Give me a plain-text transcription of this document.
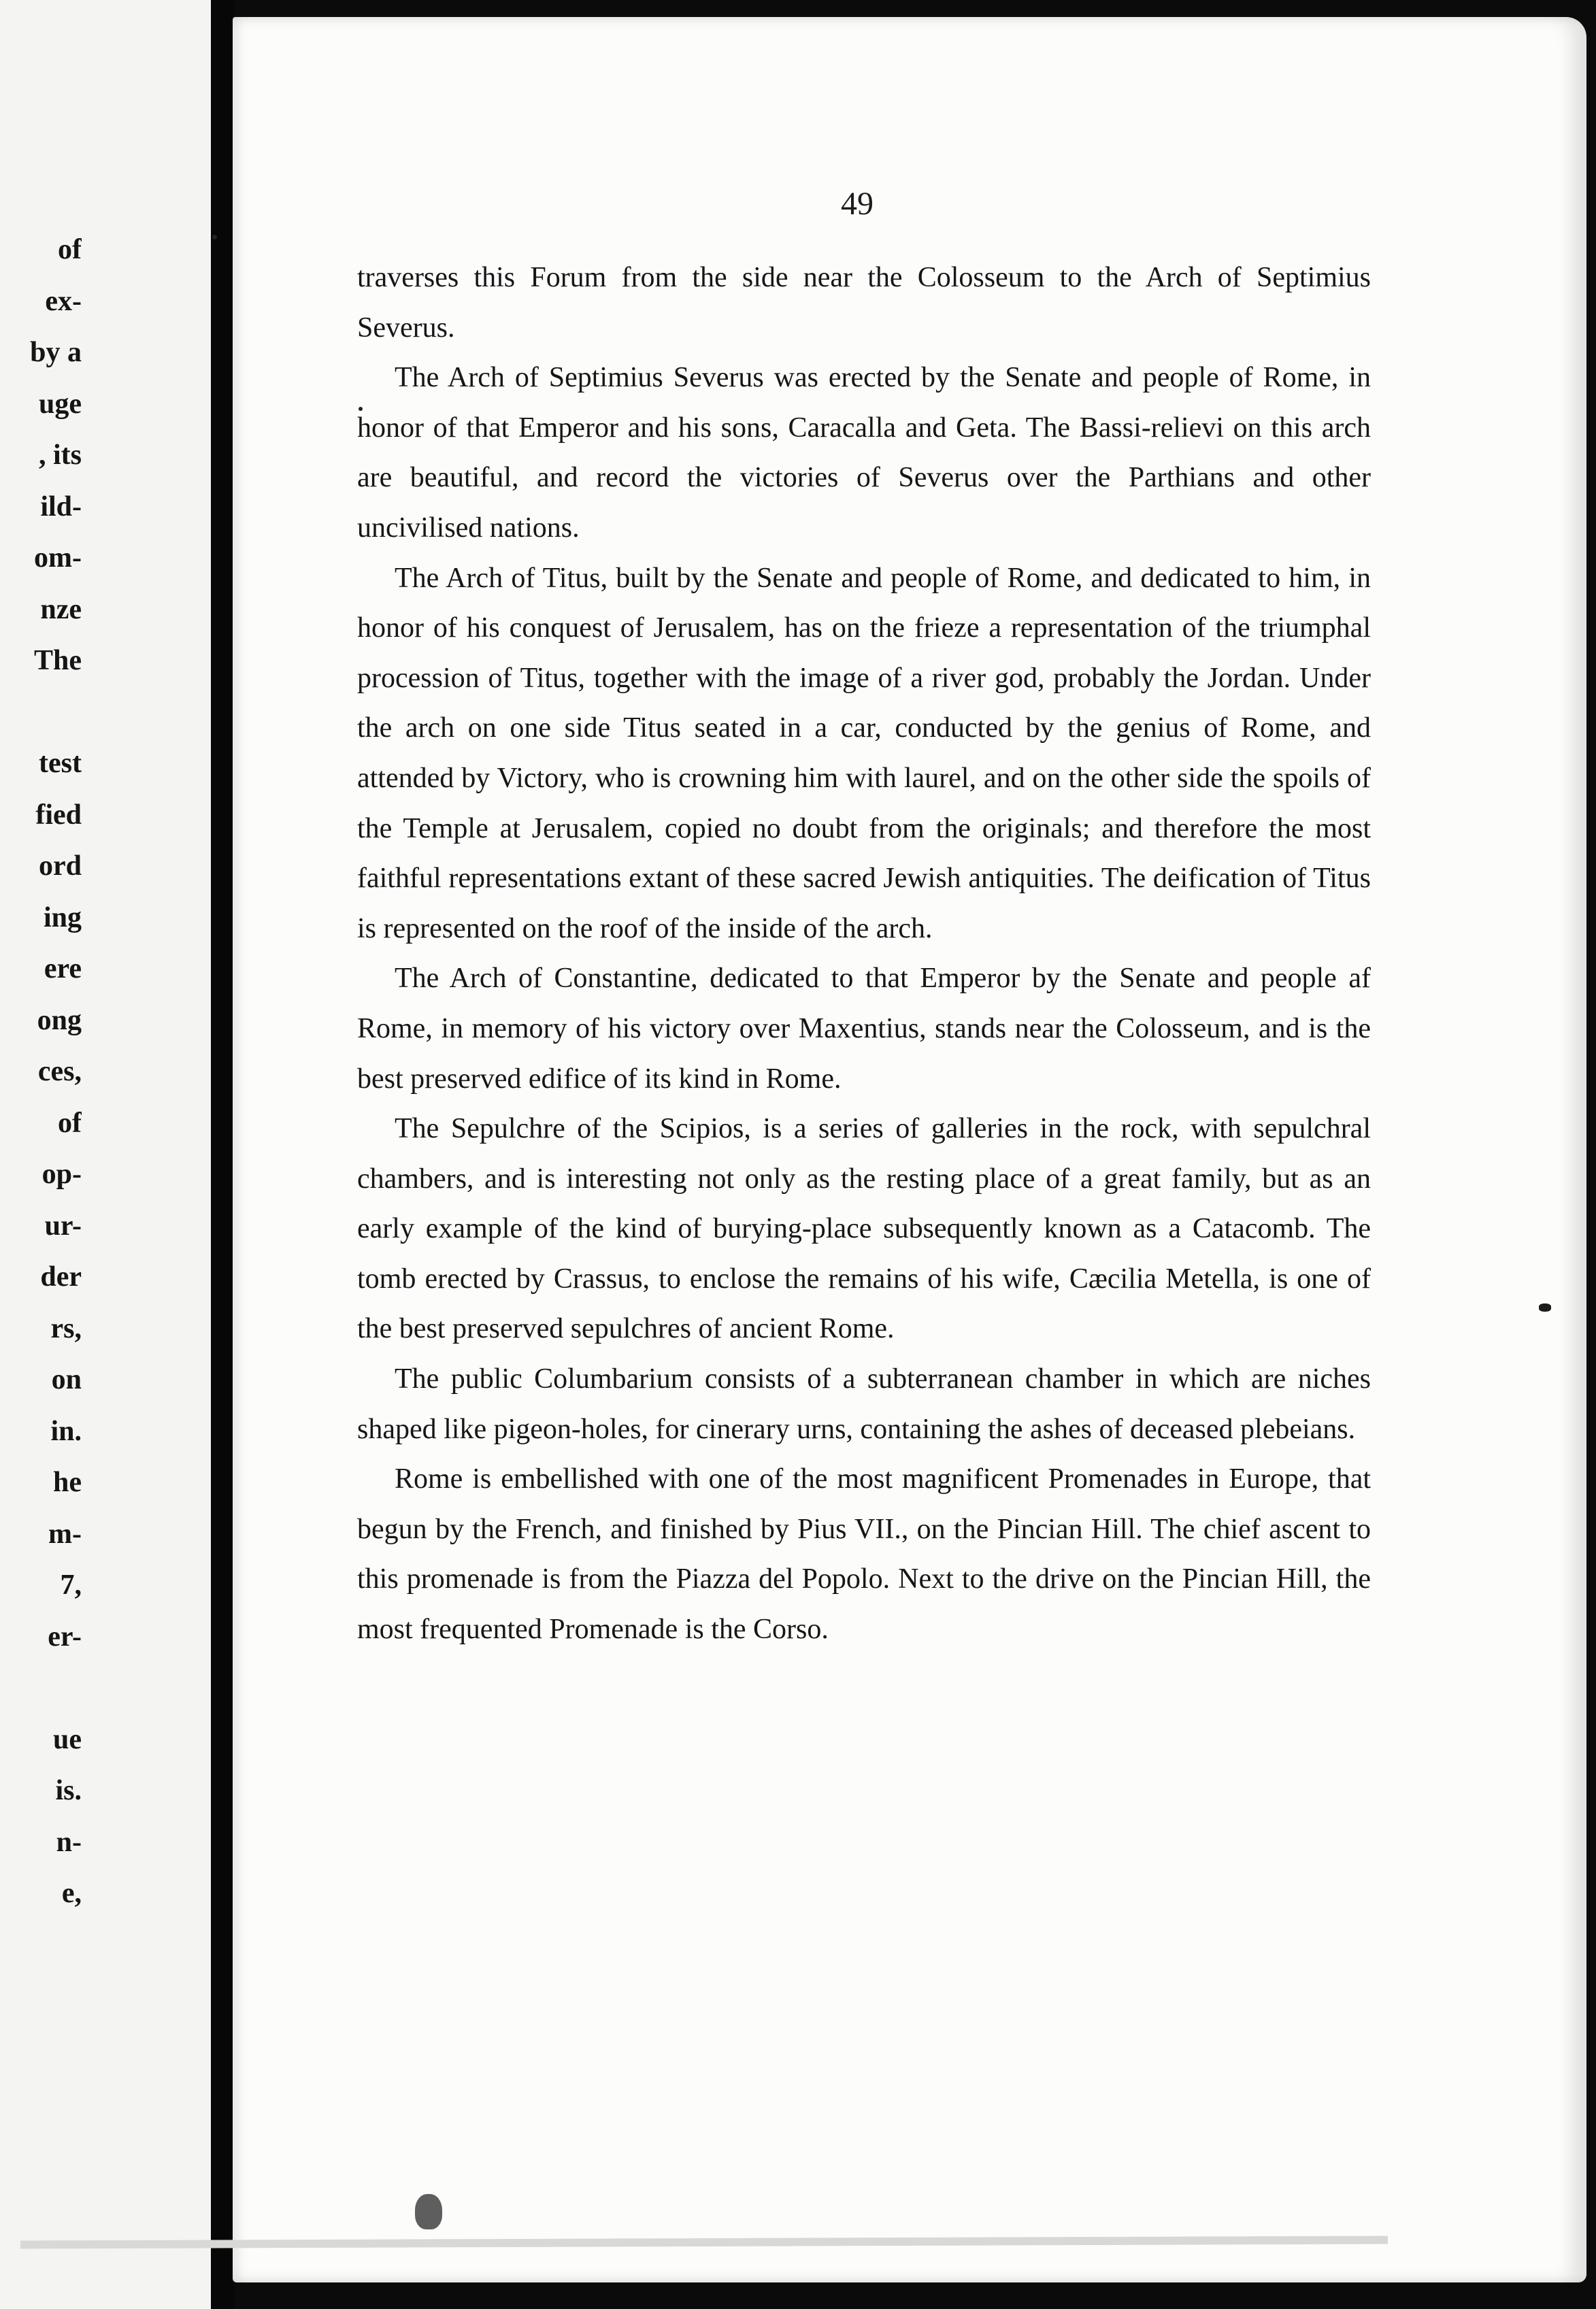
of
ex-
by a
uge
, its
ild-
om-
nze
The
test
fied
ord
ing
ere
ong
ces,
of
op-
ur-
der
rs,
on
in.
he
m-
7,
er-
ue
is.
n-
e,
49

traverses this Forum from the side near the Colosseum to the Arch of Septimius Severus.

The Arch of Septimius Severus was erected by the Senate and people of Rome, in honor of that Emperor and his sons, Caracalla and Geta. The Bassi-relievi on this arch are beautiful, and record the victories of Severus over the Parthians and other uncivilised nations.

The Arch of Titus, built by the Senate and people of Rome, and dedicated to him, in honor of his conquest of Jerusalem, has on the frieze a representation of the triumphal procession of Titus, together with the image of a river god, probably the Jordan. Under the arch on one side Titus seated in a car, conducted by the genius of Rome, and attended by Victory, who is crowning him with laurel, and on the other side the spoils of the Temple at Jerusalem, copied no doubt from the originals; and therefore the most faithful representations extant of these sacred Jewish antiquities. The deification of Titus is represented on the roof of the inside of the arch.

The Arch of Constantine, dedicated to that Emperor by the Senate and people af Rome, in memory of his victory over Maxentius, stands near the Colosseum, and is the best preserved edifice of its kind in Rome.

The Sepulchre of the Scipios, is a series of galleries in the rock, with sepulchral chambers, and is interesting not only as the resting place of a great family, but as an early example of the kind of burying-place subsequently known as a Catacomb. The tomb erected by Crassus, to enclose the remains of his wife, Cæcilia Metella, is one of the best preserved sepulchres of ancient Rome.

The public Columbarium consists of a subterranean chamber in which are niches shaped like pigeon-holes, for cinerary urns, containing the ashes of deceased plebeians.

Rome is embellished with one of the most magnificent Promenades in Europe, that begun by the French, and finished by Pius VII., on the Pincian Hill. The chief ascent to this promenade is from the Piazza del Popolo. Next to the drive on the Pincian Hill, the most frequented Promenade is the Corso.
